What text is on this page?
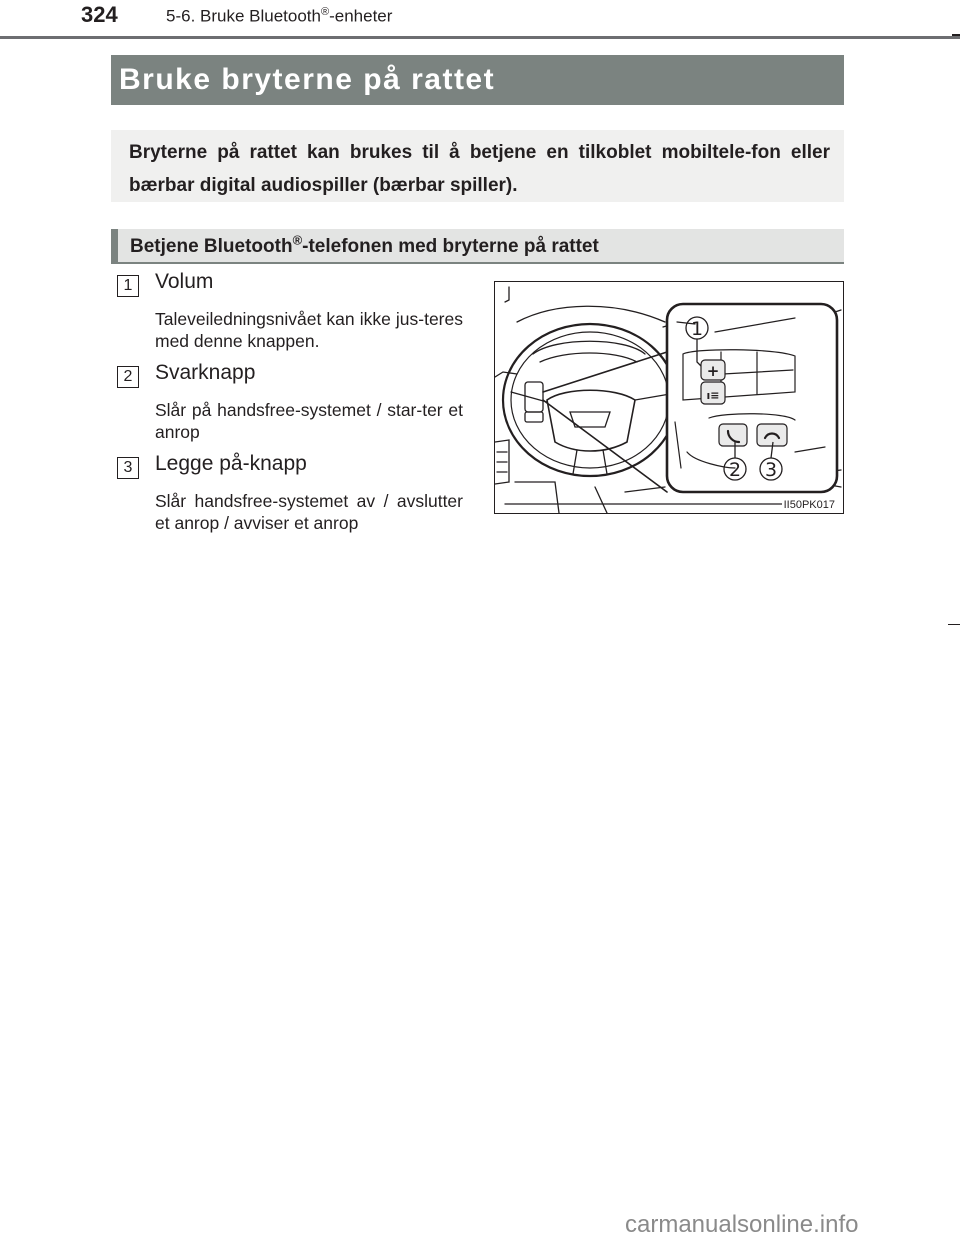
324	5-6. Bruke Bluetooth®-enheter
Bruke bryterne på rattet
Bryterne på rattet kan brukes til å betjene en tilkoblet mobiltele-fon eller bærbar digital audiospiller (bærbar spiller).
Betjene Bluetooth®-telefonen med bryterne på rattet
1	Volum
Taleveiledningsnivået kan ikke jus-teres med denne knappen.
2	Svarknapp
Slår på handsfree-systemet / star-ter et anrop
3	Legge på-knapp
Slår handsfree-systemet av / avslutter et anrop / avviser et anrop
+
ı≡
1
2 3
II50PK017
carmanualsonline.info
